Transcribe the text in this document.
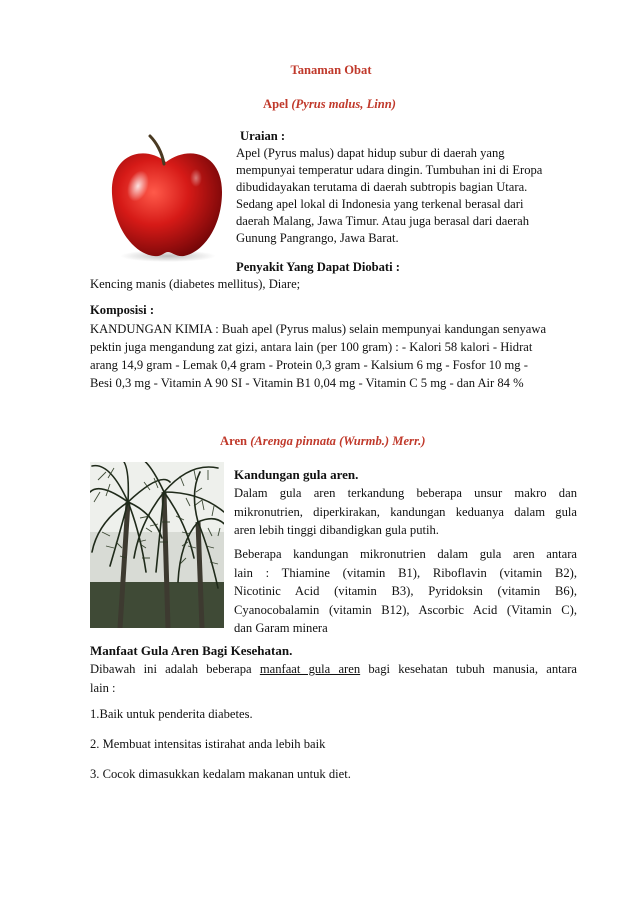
Tanaman Obat
Apel (Pyrus malus, Linn)
Uraian :
Apel (Pyrus malus) dapat hidup subur di daerah yang
mempunyai temperatur udara dingin. Tumbuhan ini di Eropa
dibudidayakan terutama di daerah subtropis bagian Utara.
Sedang apel lokal di Indonesia yang terkenal berasal dari
daerah Malang, Jawa Timur. Atau juga berasal dari daerah
Gunung Pangrango, Jawa Barat.
Penyakit Yang Dapat Diobati :
Kencing manis (diabetes mellitus), Diare;
Komposisi :
KANDUNGAN KIMIA : Buah apel (Pyrus malus) selain mempunyai kandungan senyawa
pektin juga mengandung zat gizi, antara lain (per 100 gram) : - Kalori 58 kalori - Hidrat
arang 14,9 gram - Lemak 0,4 gram - Protein 0,3 gram - Kalsium 6 mg - Fosfor 10 mg -
Besi 0,3 mg - Vitamin A 90 SI - Vitamin B1 0,04 mg - Vitamin C 5 mg - dan Air 84 %
Aren (Arenga pinnata (Wurmb.) Merr.)
Kandungan gula aren.
Dalam gula aren terkandung beberapa unsur makro dan
mikronutrien, diperkirakan, kandungan keduanya dalam gula
aren lebih tinggi dibandigkan gula putih.
Beberapa kandungan mikronutrien dalam gula aren antara
lain : Thiamine (vitamin B1), Riboflavin (vitamin B2),
Nicotinic Acid (vitamin B3), Pyridoksin (vitamin B6),
Cyanocobalamin (vitamin B12), Ascorbic Acid (Vitamin C),
dan Garam minera
Manfaat Gula Aren Bagi Kesehatan.
Dibawah ini adalah beberapa manfaat gula aren bagi kesehatan tubuh manusia, antara
lain :
1.Baik untuk penderita diabetes.
2. Membuat intensitas istirahat anda lebih baik
3. Cocok dimasukkan kedalam makanan untuk diet.
